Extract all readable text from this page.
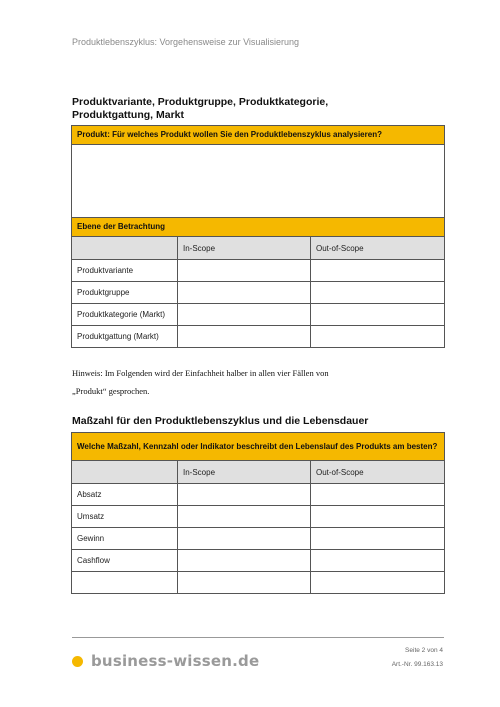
Produktlebenszyklus: Vorgehensweise zur Visualisierung
Produktvariante, Produktgruppe, Produktkategorie,
Produktgattung, Markt
Produkt: Für welches Produkt wollen Sie den Produktlebenszyklus analysieren?		

Ebene der Betrachtung		
	In-Scope	Out-of-Scope
Produktvariante		
Produktgruppe		
Produktkategorie (Markt)		
Produktgattung (Markt)		
Hinweis: Im Folgenden wird der Einfachheit halber in allen vier Fällen von
„Produkt“ gesprochen.
Maßzahl für den Produktlebenszyklus und die Lebensdauer
Welche Maßzahl, Kennzahl oder Indikator beschreibt den Lebenslauf des Produkts am besten?		
	In-Scope	Out-of-Scope
Absatz		
Umsatz		
Gewinn		
Cashflow		

business-wissen.de
Seite 2 von 4
Art.-Nr. 99.163.13
